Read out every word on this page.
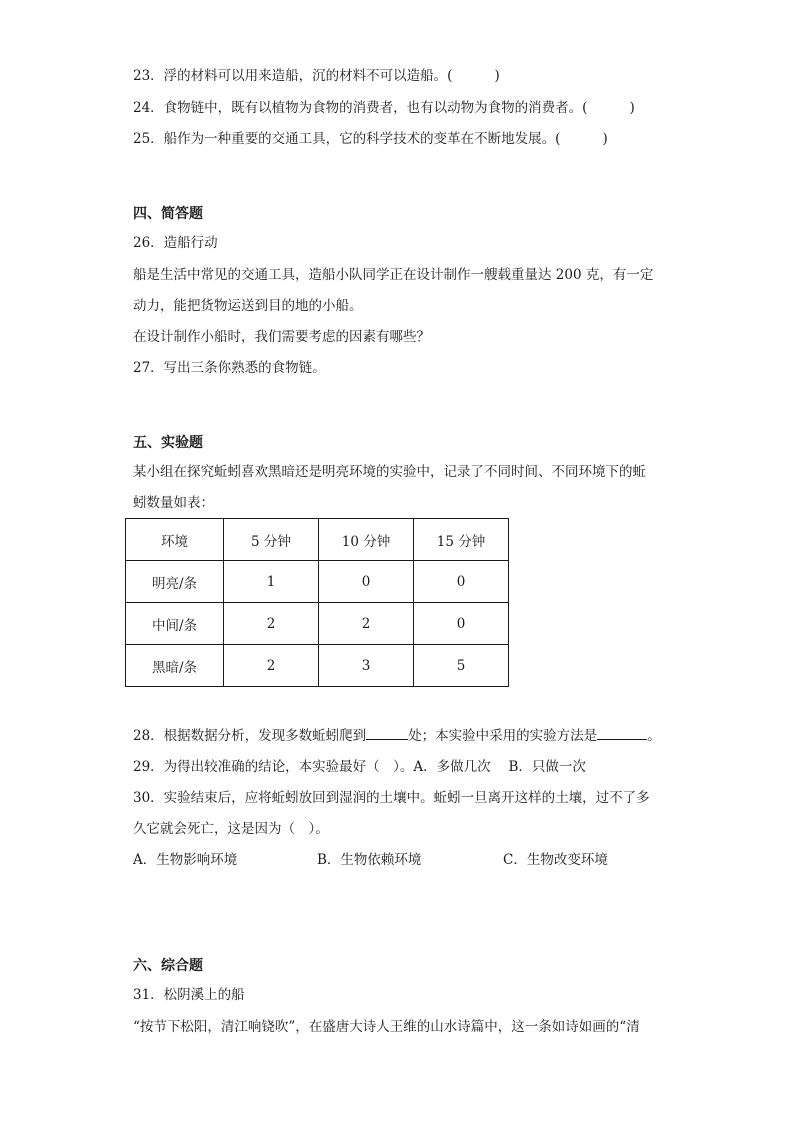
23．浮的材料可以用来造船，沉的材料不可以造船。(	)
24．食物链中，既有以植物为食物的消费者，也有以动物为食物的消费者。(	)
25．船作为一种重要的交通工具，它的科学技术的变革在不断地发展。(	)
四、简答题
26．造船行动
船是生活中常见的交通工具，造船小队同学正在设计制作一艘载重量达 200 克，有一定
动力，能把货物运送到目的地的小船。
在设计制作小船时，我们需要考虑的因素有哪些？
27．写出三条你熟悉的食物链。
五、实验题
某小组在探究蚯蚓喜欢黑暗还是明亮环境的实验中，记录了不同时间、不同环境下的蚯
蚓数量如表：
环境	5 分钟	10 分钟	15 分钟
明亮/条	1	0	0
中间/条	2	2	0
黑暗/条	2	3	5
28．根据数据分析，发现多数蚯蚓爬到	处；本实验中采用的实验方法是	。
29．为得出较准确的结论，本实验最好（　）。A．多做几次　 B．只做一次
30．实验结束后，应将蚯蚓放回到湿润的土壤中。蚯蚓一旦离开这样的土壤，过不了多
久它就会死亡，这是因为（　）。
A．生物影响环境	B．生物依赖环境	C．生物改变环境
六、综合题
31．松阴溪上的船
“按节下松阳，清江响铙吹”，在盛唐大诗人王维的山水诗篇中，这一条如诗如画的“清
